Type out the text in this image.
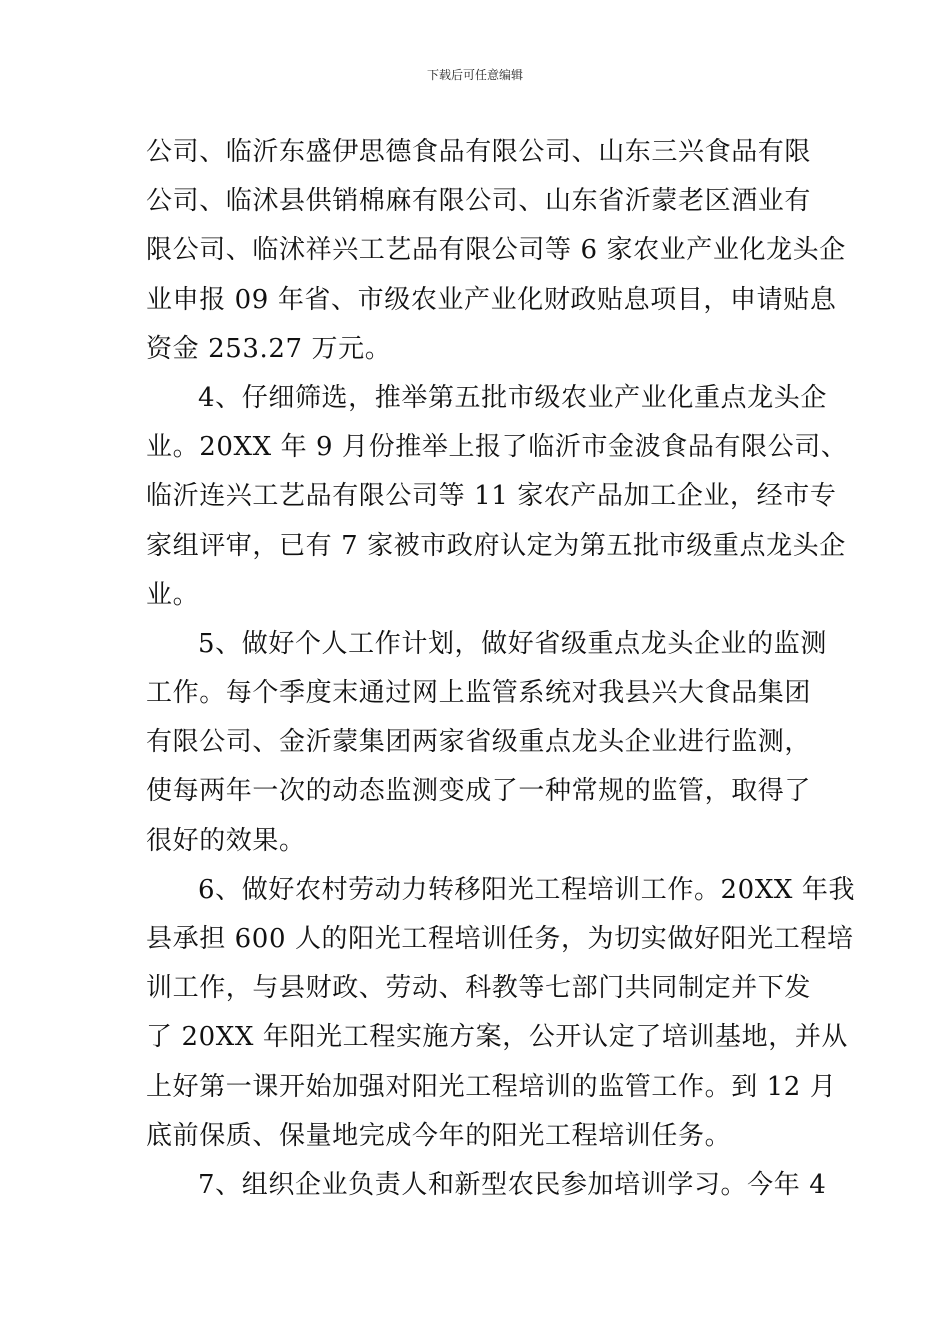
下载后可任意编辑
公司、临沂东盛伊思德食品有限公司、山东三兴食品有限
公司、临沭县供销棉麻有限公司、山东省沂蒙老区酒业有
限公司、临沭祥兴工艺品有限公司等 6 家农业产业化龙头企
业申报 09 年省、市级农业产业化财政贴息项目，申请贴息
资金 253.27 万元。
4、仔细筛选，推举第五批市级农业产业化重点龙头企
业。20XX 年 9 月份推举上报了临沂市金波食品有限公司、
临沂连兴工艺品有限公司等 11 家农产品加工企业，经市专
家组评审，已有 7 家被市政府认定为第五批市级重点龙头企
业。
5、做好个人工作计划，做好省级重点龙头企业的监测
工作。每个季度末通过网上监管系统对我县兴大食品集团
有限公司、金沂蒙集团两家省级重点龙头企业进行监测，
使每两年一次的动态监测变成了一种常规的监管，取得了
很好的效果。
6、做好农村劳动力转移阳光工程培训工作。20XX 年我
县承担 600 人的阳光工程培训任务，为切实做好阳光工程培
训工作，与县财政、劳动、科教等七部门共同制定并下发
了 20XX 年阳光工程实施方案，公开认定了培训基地，并从
上好第一课开始加强对阳光工程培训的监管工作。到 12 月
底前保质、保量地完成今年的阳光工程培训任务。
7、组织企业负责人和新型农民参加培训学习。今年 4
